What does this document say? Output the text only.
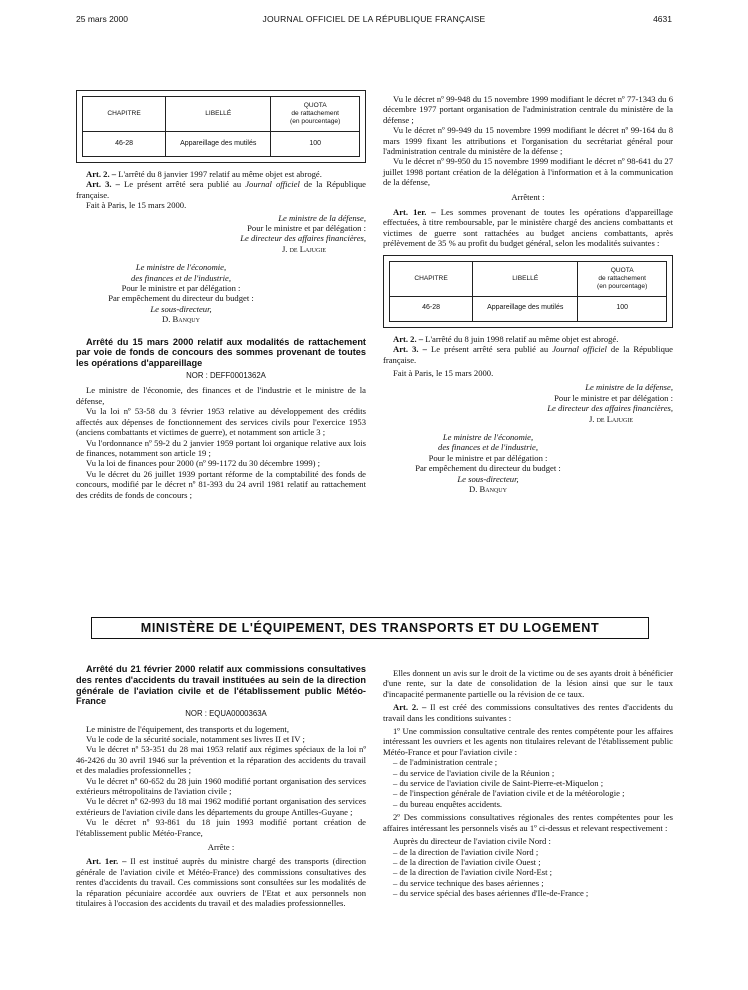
25 mars 2000	JOURNAL OFFICIEL DE LA RÉPUBLIQUE FRANÇAISE	4631
CHAPITRE	LIBELLÉ	QUOTA
de rattachement
(en pourcentage)
46-28	Appareillage des mutilés	100

Art. 2. – L'arrêté du 8 janvier 1997 relatif au même objet est abrogé.

Art. 3. – Le présent arrêté sera publié au Journal officiel de la République française.

Fait à Paris, le 15 mars 2000.

Le ministre de la défense,

Pour le ministre et par délégation :

Le directeur des affaires financières,

J. de Lajugie

Le ministre de l'économie,

des finances et de l'industrie,

Pour le ministre et par délégation :

Par empêchement du directeur du budget :

Le sous-directeur,

D. Banquy

Arrêté du 15 mars 2000 relatif aux modalités de rattachement par voie de fonds de concours des sommes provenant de toutes les opérations d'appareillage

NOR : DEFF0001362A

Le ministre de l'économie, des finances et de l'industrie et le ministre de la défense,

Vu la loi nº 53-58 du 3 février 1953 relative au développement des crédits affectés aux dépenses de fonctionnement des services civils pour l'exercice 1953 (anciens combattants et victimes de guerre), et notamment son article 3 ;

Vu l'ordonnance nº 59-2 du 2 janvier 1959 portant loi organique relative aux lois de finances, notamment son article 19 ;

Vu la loi de finances pour 2000 (nº 99-1172 du 30 décembre 1999) ;

Vu le décret du 26 juillet 1939 portant réforme de la comptabilité des fonds de concours, modifié par le décret nº 81-393 du 24 avril 1981 relatif au rattachement des crédits de fonds de concours ;

Vu le décret nº 99-948 du 15 novembre 1999 modifiant le décret nº 77-1343 du 6 décembre 1977 portant organisation de l'administration centrale du ministère de la défense ;

Vu le décret nº 99-949 du 15 novembre 1999 modifiant le décret nº 99-164 du 8 mars 1999 fixant les attributions et l'organisation du secrétariat général pour l'administration centrale du ministère de la défense ;

Vu le décret nº 99-950 du 15 novembre 1999 modifiant le décret nº 98-641 du 27 juillet 1998 portant création de la délégation à l'information et à la communication de la défense,

Arrêtent :

Art. 1er. – Les sommes provenant de toutes les opérations d'appareillage effectuées, à titre remboursable, par le ministère chargé des anciens combattants et victimes de guerre sont rattachées au budget anciens combattants, après prélèvement de 35 % au profit du budget général, selon les modalités suivantes :

CHAPITRE	LIBELLÉ	QUOTA
de rattachement
(en pourcentage)
46-28	Appareillage des mutilés	100

Art. 2. – L'arrêté du 8 juin 1998 relatif au même objet est abrogé.

Art. 3. – Le présent arrêté sera publié au Journal officiel de la République française.

Fait à Paris, le 15 mars 2000.

Le ministre de la défense,

Pour le ministre et par délégation :

Le directeur des affaires financières,

J. de Lajugie

Le ministre de l'économie,

des finances et de l'industrie,

Pour le ministre et par délégation :

Par empêchement du directeur du budget :

Le sous-directeur,

D. Banquy

MINISTÈRE DE L'ÉQUIPEMENT, DES TRANSPORTS ET DU LOGEMENT

Arrêté du 21 février 2000 relatif aux commissions consultatives des rentes d'accidents du travail instituées au sein de la direction générale de l'aviation civile et de l'établissement public Météo-France

NOR : EQUA0000363A

Le ministre de l'équipement, des transports et du logement,

Vu le code de la sécurité sociale, notamment ses livres II et IV ;

Vu le décret nº 53-351 du 28 mai 1953 relatif aux régimes spéciaux de la loi nº 46-2426 du 30 avril 1946 sur la prévention et la réparation des accidents du travail et des maladies professionnelles ;

Vu le décret nº 60-652 du 28 juin 1960 modifié portant organisation des services extérieurs métropolitains de l'aviation civile ;

Vu le décret nº 62-993 du 18 mai 1962 modifié portant organisation des services extérieurs de l'aviation civile dans les départements du groupe Antilles-Guyane ;

Vu le décret nº 93-861 du 18 juin 1993 modifié portant création de l'établissement public Météo-France,

Arrête :

Art. 1er. – Il est institué auprès du ministre chargé des transports (direction générale de l'aviation civile et Météo-France) des commissions consultatives des rentes d'accidents du travail. Ces commissions sont consultées sur les modalités de la réparation pécuniaire accordée aux ouvriers de l'Etat et aux personnels non titulaires à l'occasion des accidents du travail et des maladies professionnelles.

Elles donnent un avis sur le droit de la victime ou de ses ayants droit à bénéficier d'une rente, sur la date de consolidation de la lésion ainsi que sur le taux d'incapacité permanente partielle ou la révision de ce taux.

Art. 2. – Il est créé des commissions consultatives des rentes d'accidents du travail dans les conditions suivantes :

1º Une commission consultative centrale des rentes compétente pour les affaires intéressant les ouvriers et les agents non titulaires relevant de l'établissement public Météo-France et pour l'aviation civile :

– de l'administration centrale ;
– du service de l'aviation civile de la Réunion ;
– du service de l'aviation civile de Saint-Pierre-et-Miquelon ;
– de l'inspection générale de l'aviation civile et de la météorologie ;
– du bureau enquêtes accidents.

2º Des commissions consultatives régionales des rentes compétentes pour les affaires intéressant les personnels visés au 1º ci-dessus et relevant respectivement :

Auprès du directeur de l'aviation civile Nord :

– de la direction de l'aviation civile Nord ;
– de la direction de l'aviation civile Ouest ;
– de la direction de l'aviation civile Nord-Est ;
– du service technique des bases aériennes ;
– du service spécial des bases aériennes d'Ile-de-France ;
